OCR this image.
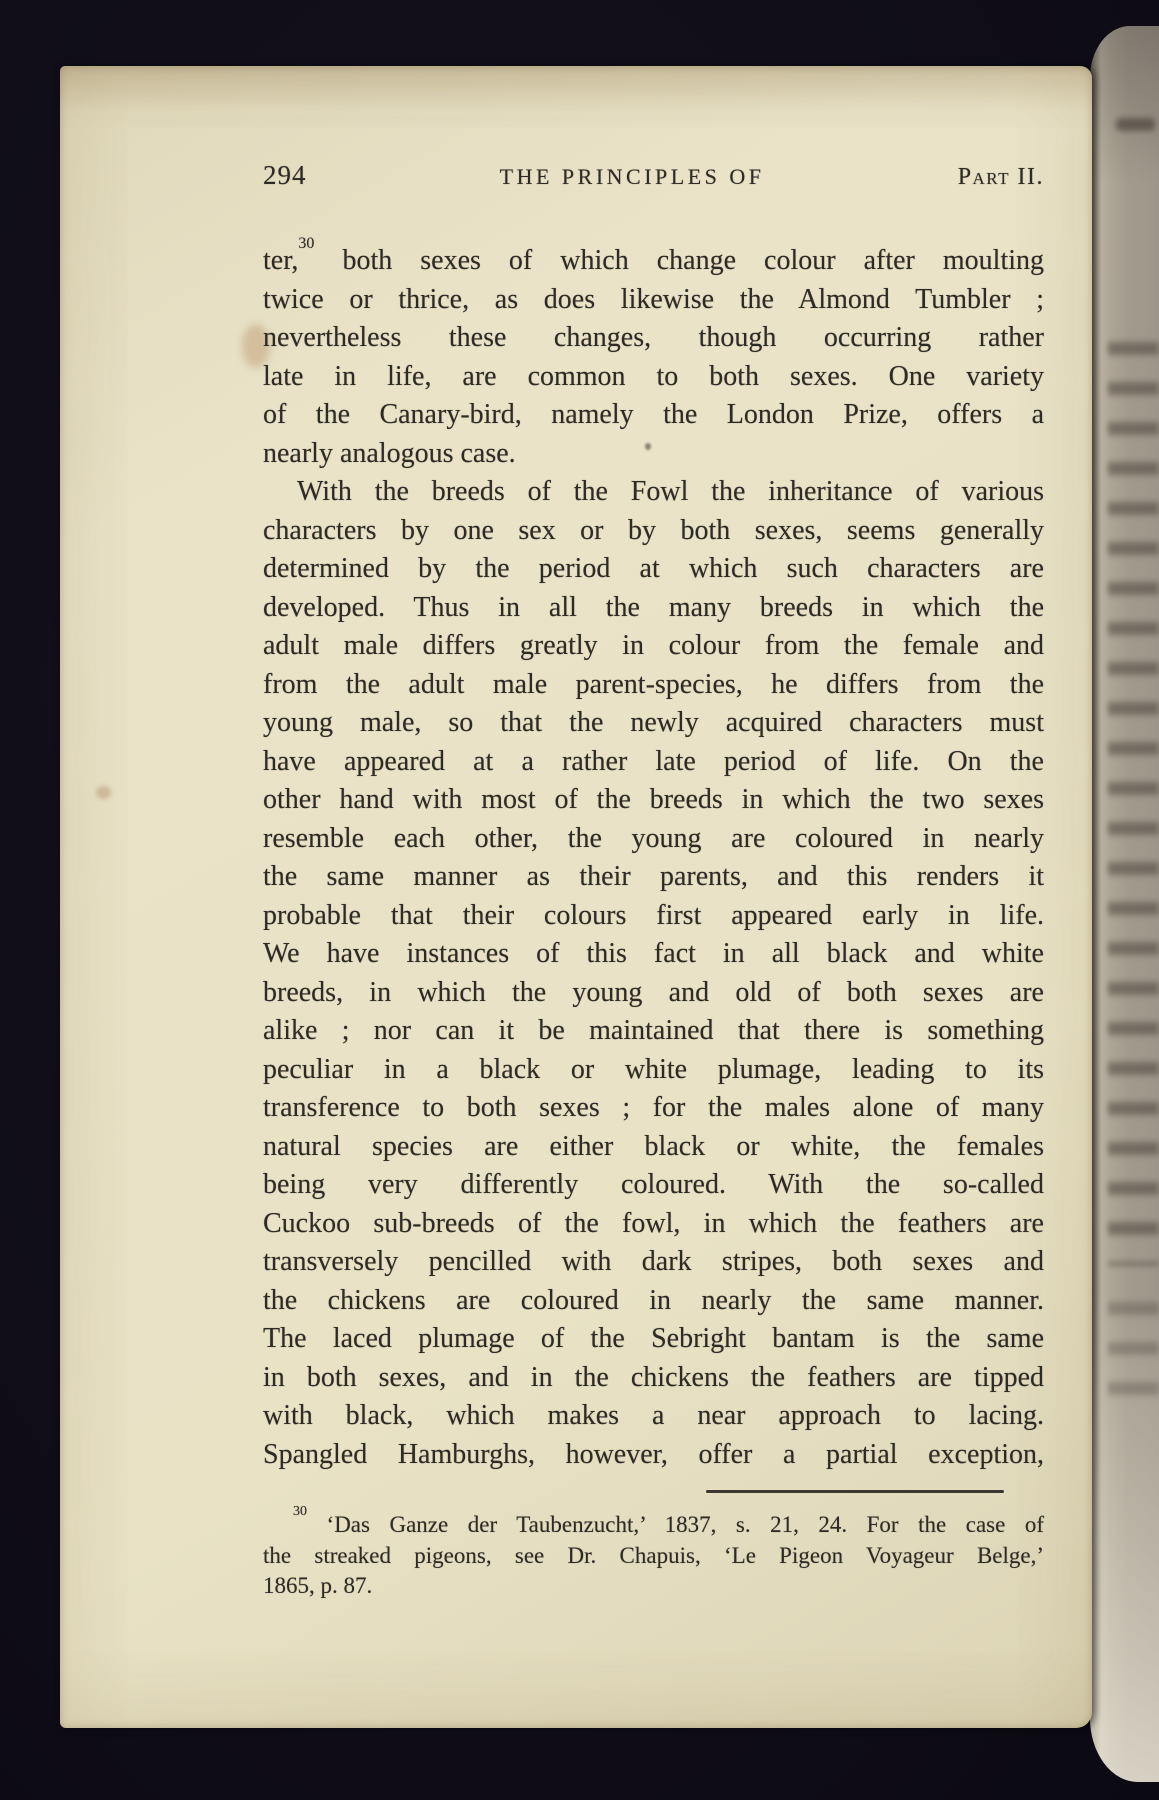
294	THE PRINCIPLES OF	Part II.
ter,$^{30}$ both sexes of which change colour after moulting
twice or thrice, as does likewise the Almond Tumbler ;
nevertheless these changes, though occurring rather
late in life, are common to both sexes. One variety
of the Canary-bird, namely the London Prize, offers a
nearly analogous case.
With the breeds of the Fowl the inheritance of various
characters by one sex or by both sexes, seems generally
determined by the period at which such characters are
developed. Thus in all the many breeds in which the
adult male differs greatly in colour from the female and
from the adult male parent-species, he differs from the
young male, so that the newly acquired characters must
have appeared at a rather late period of life. On the
other hand with most of the breeds in which the two sexes
resemble each other, the young are coloured in nearly
the same manner as their parents, and this renders it
probable that their colours first appeared early in life.
We have instances of this fact in all black and white
breeds, in which the young and old of both sexes are
alike ; nor can it be maintained that there is something
peculiar in a black or white plumage, leading to its
transference to both sexes ; for the males alone of many
natural species are either black or white, the females
being very differently coloured. With the so-called
Cuckoo sub-breeds of the fowl, in which the feathers are
transversely pencilled with dark stripes, both sexes and
the chickens are coloured in nearly the same manner.
The laced plumage of the Sebright bantam is the same
in both sexes, and in the chickens the feathers are tipped
with black, which makes a near approach to lacing.
Spangled Hamburghs, however, offer a partial exception,
$^{30}$ ‘Das Ganze der Taubenzucht,’ 1837, s. 21, 24. For the case of
the streaked pigeons, see Dr. Chapuis, ‘Le Pigeon Voyageur Belge,’
1865, p. 87.
